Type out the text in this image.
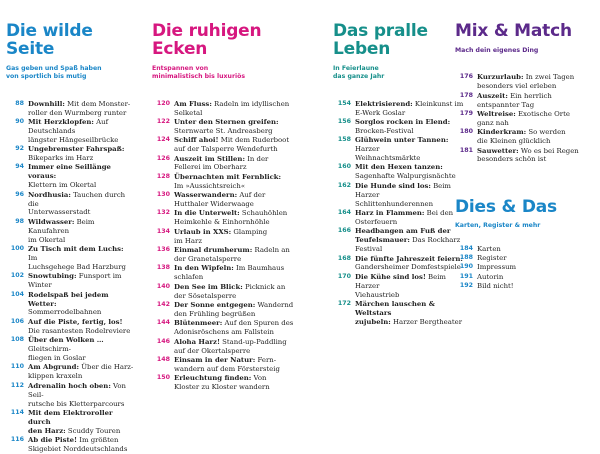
Die wilde
Seite

Gas geben und Spaß haben
von sportlich bis mutig

88 Downhill: Mit dem Monster-
roller den Wurmberg runter
90 Mit Herzklopfen: Auf Deutschlands
längster Hängeseilbrücke
92 Ungebremster Fahrspaß:
Bikeparks im Harz
94 Immer eine Seillänge voraus:
Klettern im Okertal
96 Nordhusia: Tauchen durch die
Unterwasserstadt
98 Wildwasser: Beim Kanufahren
im Okertal
100 Zu Tisch mit dem Luchs: Im
Luchsgehege Bad Harzburg
102 Snowtubing: Funsport im
Winter
104 Rodelspaß bei jedem Wetter:
Sommerrodelbahnen
106 Auf die Piste, fertig, los!
Die rasantesten Rodelreviere
108 Über den Wolken … Gleitschirm-
fliegen in Goslar
110 Am Abgrund: Über die Harz-
klippen kraxeln
112 Adrenalin hoch oben: Von Seil-
rutsche bis Kletterparcours
114 Mit dem Elektroroller durch
den Harz: Scuddy Touren
116 Ab die Piste! Im größten
Skigebiet Norddeutschlands
Die ruhigen
Ecken

Entspannen von
minimalistisch bis luxuriös

120 Am Fluss: Radeln im idyllischen
Selketal
122 Unter den Sternen greifen:
Sternwarte St. Andreasberg
124 Schiff ahoi! Mit dem Ruderboot
auf der Talsperre Wendefurth
126 Auszeit im Stillen: In der
Fellerei im Oberharz
128 Übernachten mit Fernblick:
Im »Aussichtsreich«
130 Wasserwandern: Auf der
Hutthaler Widerwaage
132 In die Unterwelt: Schauhöhlen
Heimkehle & Einhornhöhle
134 Urlaub in XXS: Glamping
im Harz
136 Einmal drumherum: Radeln an
der Granetalsperre
138 In den Wipfeln: Im Baumhaus
schlafen
140 Den See im Blick: Picknick an
der Sösetalsperre
142 Der Sonne entgegen: Wandernd
den Frühling begrüßen
144 Blütenmeer: Auf den Spuren des
Adonisröschens am Fallstein
146 Aloha Harz! Stand-up-Paddling
auf der Okertalsperre
148 Einsam in der Natur: Fern-
wandern auf dem Förstersteig
150 Erleuchtung finden: Von
Kloster zu Kloster wandern
Das pralle
Leben

In Feierlaune
das ganze Jahr

154 Elektrisierend: Kleinkunst im
E-Werk Goslar
156 Sorglos rocken in Elend:
Brocken-Festival
158 Glühwein unter Tannen: Harzer
Weihnachtsmärkte
160 Mit den Hexen tanzen:
Sagenhafte Walpurgisnächte
162 Die Hunde sind los: Beim Harzer
Schlittenhunderennen
164 Harz in Flammen: Bei den
Osterfeuern
166 Headbangen am Fuß der
Teufelsmauer: Das Rockharz
Festival
168 Die fünfte Jahreszeit feiern:
Gandersheimer Domfestspiele
170 Die Kühe sind los! Beim Harzer
Viehaustrieb
172 Märchen lauschen & Weltstars
zujubeln: Harzer Bergtheater
Mix & Match

Mach dein eigenes Ding

176 Kurzurlaub: In zwei Tagen
besonders viel erleben
178 Auszeit: Ein herrlich
entspannter Tag
179 Weltreise: Exotische Orte
ganz nah
180 Kinderkram: So werden
die Kleinen glücklich
181 Sauwetter: Wo es bei Regen
besonders schön ist
Dies & Das

Karten, Register & mehr

184 Karten
188 Register
190 Impressum
191 Autorin
192 Bild nicht!
